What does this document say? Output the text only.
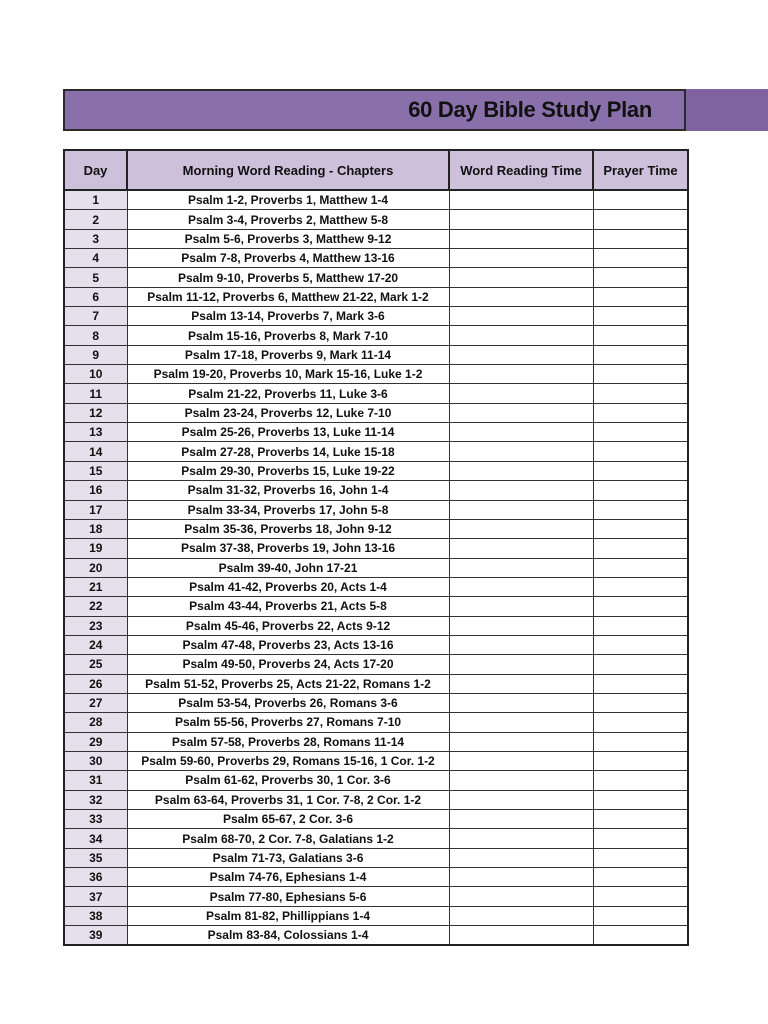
60 Day Bible Study Plan
Day	Morning Word Reading - Chapters	Word Reading Time	Prayer Time
1	Psalm 1-2, Proverbs 1, Matthew 1-4		
2	Psalm 3-4, Proverbs 2, Matthew 5-8		
3	Psalm 5-6, Proverbs 3, Matthew 9-12		
4	Psalm 7-8, Proverbs 4, Matthew 13-16		
5	Psalm 9-10, Proverbs 5, Matthew 17-20		
6	Psalm 11-12, Proverbs 6, Matthew 21-22, Mark 1-2		
7	Psalm 13-14, Proverbs 7, Mark 3-6		
8	Psalm 15-16, Proverbs 8, Mark 7-10		
9	Psalm 17-18, Proverbs 9, Mark 11-14		
10	Psalm 19-20, Proverbs 10, Mark 15-16, Luke 1-2		
11	Psalm 21-22, Proverbs 11, Luke 3-6		
12	Psalm 23-24, Proverbs 12, Luke 7-10		
13	Psalm 25-26, Proverbs 13, Luke 11-14		
14	Psalm 27-28, Proverbs 14, Luke 15-18		
15	Psalm 29-30, Proverbs 15, Luke 19-22		
16	Psalm 31-32, Proverbs 16, John 1-4		
17	Psalm 33-34, Proverbs 17, John 5-8		
18	Psalm 35-36, Proverbs 18, John 9-12		
19	Psalm 37-38, Proverbs 19, John 13-16		
20	Psalm 39-40, John 17-21		
21	Psalm 41-42, Proverbs 20, Acts 1-4		
22	Psalm 43-44, Proverbs 21, Acts 5-8		
23	Psalm 45-46, Proverbs 22, Acts 9-12		
24	Psalm 47-48, Proverbs 23, Acts 13-16		
25	Psalm 49-50, Proverbs 24, Acts 17-20		
26	Psalm 51-52, Proverbs 25, Acts 21-22, Romans 1-2		
27	Psalm 53-54, Proverbs 26, Romans 3-6		
28	Psalm 55-56, Proverbs 27, Romans 7-10		
29	Psalm 57-58, Proverbs 28, Romans 11-14		
30	Psalm 59-60, Proverbs 29, Romans 15-16, 1 Cor. 1-2		
31	Psalm 61-62, Proverbs 30, 1 Cor. 3-6		
32	Psalm 63-64, Proverbs 31, 1 Cor. 7-8, 2 Cor. 1-2		
33	Psalm 65-67, 2 Cor. 3-6		
34	Psalm 68-70, 2 Cor. 7-8, Galatians 1-2		
35	Psalm 71-73, Galatians 3-6		
36	Psalm 74-76, Ephesians 1-4		
37	Psalm 77-80, Ephesians 5-6		
38	Psalm 81-82, Phillippians 1-4		
39	Psalm 83-84, Colossians 1-4		
